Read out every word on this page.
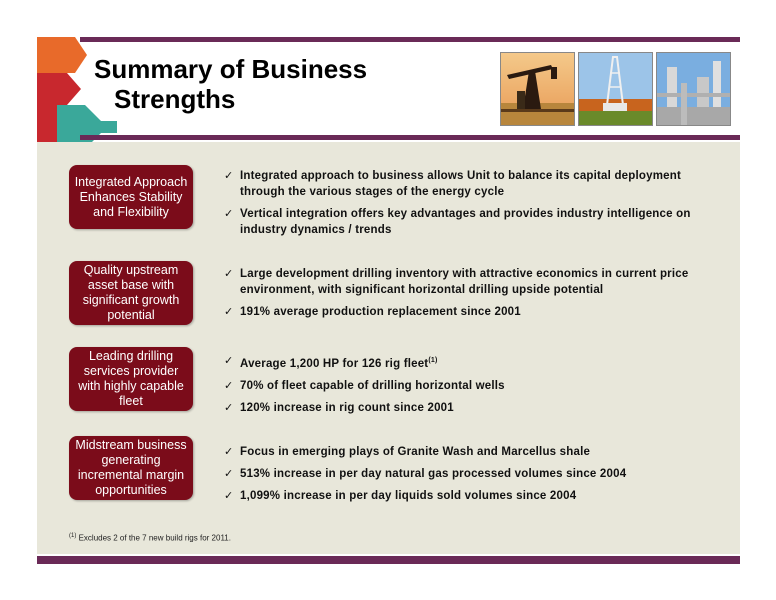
Summary of Business
Strengths
Integrated Approach Enhances Stability and Flexibility
✓ Integrated approach to business allows Unit to balance its capital deployment through the various stages of the energy cycle
✓ Vertical integration offers key advantages and provides industry intelligence on industry dynamics / trends
Quality upstream asset base with significant growth potential
✓ Large development drilling inventory with attractive economics in current price environment, with significant horizontal drilling upside potential
✓ 191% average production replacement since 2001
Leading drilling services provider with highly capable fleet
✓ Average 1,200 HP for 126 rig fleet$^{(1)}$
✓ 70% of fleet capable of drilling horizontal wells
✓ 120% increase in rig count since 2001
Midstream business generating incremental margin opportunities
✓ Focus in emerging plays of Granite Wash and Marcellus shale
✓ 513% increase in per day natural gas processed volumes since 2004
✓ 1,099% increase in per day liquids sold volumes since 2004
$^{(1)}$ Excludes 2 of the 7 new build rigs for 2011.
